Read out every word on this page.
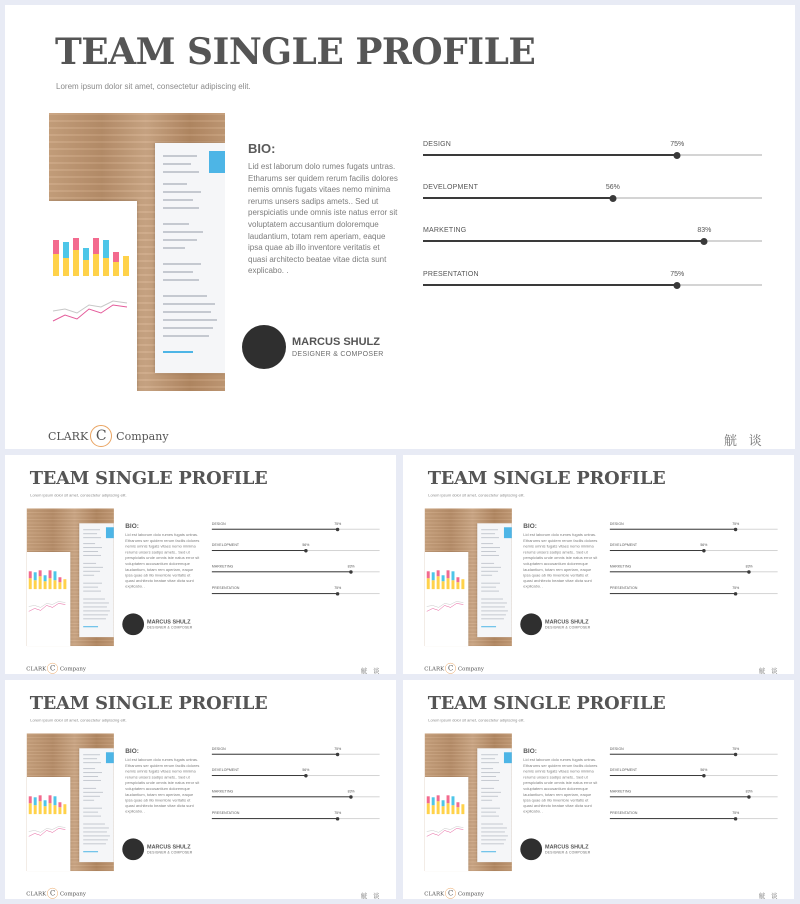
TEAM SINGLE PROFILE
Lorem ipsum dolor sit amet, consectetur adipiscing elit.
BIO:
Lid est laborum dolo rumes fugats untras. Etharums ser quidem rerum facilis dolores nemis omnis fugats vitaes nemo minima rerums unsers sadips amets.. Sed ut perspiciatis unde omnis iste natus error sit voluptatem accusantium doloremque laudantium, totam rem aperiam, eaque ipsa quae ab illo inventore veritatis et quasi architecto beatae vitae dicta sunt explicabo. .
MARCUS SHULZ
DESIGNER & COMPOSER
DESIGN	75%
DEVELOPMENT	56%
MARKETING	83%
PRESENTATION	75%
CLARK C Company	觥 谈
TEAM SINGLE PROFILE
Lorem ipsum dolor sit amet, consectetur adipiscing elit.
BIO:
Lid est laborum dolo rumes fugats untras. Etharums ser quidem rerum facilis dolores nemis omnis fugats vitaes nemo minima rerums unsers sadips amets.. Sed ut perspiciatis unde omnis iste natus error sit voluptatem accusantium doloremque laudantium, totam rem aperiam, eaque ipsa quae ab illo inventore veritatis et quasi architecto beatae vitae dicta sunt explicabo. .
MARCUS SHULZ
DESIGNER & COMPOSER
DESIGN	75%
DEVELOPMENT	56%
MARKETING	83%
PRESENTATION	75%
CLARK C Company	觥 谈
TEAM SINGLE PROFILE
Lorem ipsum dolor sit amet, consectetur adipiscing elit.
BIO:
Lid est laborum dolo rumes fugats untras. Etharums ser quidem rerum facilis dolores nemis omnis fugats vitaes nemo minima rerums unsers sadips amets.. Sed ut perspiciatis unde omnis iste natus error sit voluptatem accusantium doloremque laudantium, totam rem aperiam, eaque ipsa quae ab illo inventore veritatis et quasi architecto beatae vitae dicta sunt explicabo. .
MARCUS SHULZ
DESIGNER & COMPOSER
DESIGN	75%
DEVELOPMENT	56%
MARKETING	83%
PRESENTATION	75%
CLARK C Company	觥 谈
TEAM SINGLE PROFILE
Lorem ipsum dolor sit amet, consectetur adipiscing elit.
BIO:
Lid est laborum dolo rumes fugats untras. Etharums ser quidem rerum facilis dolores nemis omnis fugats vitaes nemo minima rerums unsers sadips amets.. Sed ut perspiciatis unde omnis iste natus error sit voluptatem accusantium doloremque laudantium, totam rem aperiam, eaque ipsa quae ab illo inventore veritatis et quasi architecto beatae vitae dicta sunt explicabo. .
MARCUS SHULZ
DESIGNER & COMPOSER
DESIGN	75%
DEVELOPMENT	56%
MARKETING	83%
PRESENTATION	75%
CLARK C Company	觥 谈
TEAM SINGLE PROFILE
Lorem ipsum dolor sit amet, consectetur adipiscing elit.
BIO:
Lid est laborum dolo rumes fugats untras. Etharums ser quidem rerum facilis dolores nemis omnis fugats vitaes nemo minima rerums unsers sadips amets.. Sed ut perspiciatis unde omnis iste natus error sit voluptatem accusantium doloremque laudantium, totam rem aperiam, eaque ipsa quae ab illo inventore veritatis et quasi architecto beatae vitae dicta sunt explicabo. .
MARCUS SHULZ
DESIGNER & COMPOSER
DESIGN	75%
DEVELOPMENT	56%
MARKETING	83%
PRESENTATION	75%
CLARK C Company	觥 谈
